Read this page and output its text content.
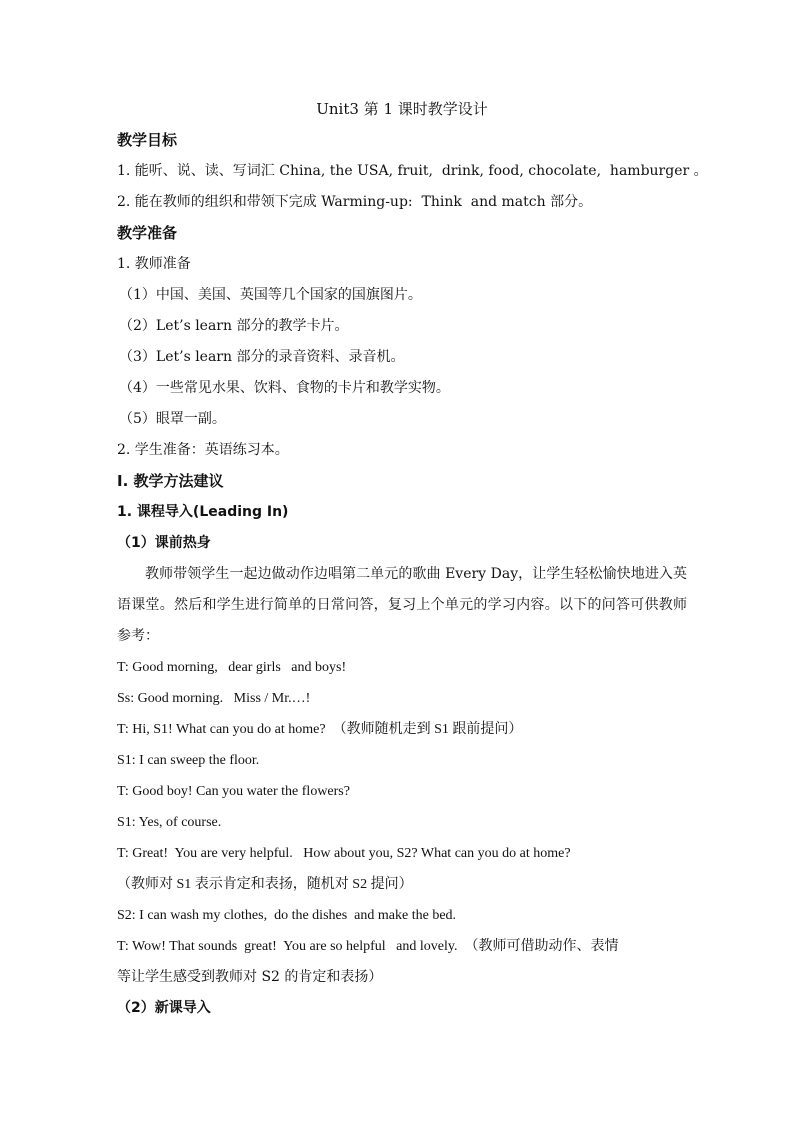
Unit3 第 1 课时教学设计
教学目标
1. 能听、说、读、写词汇 China, the USA, fruit,  drink, food, chocolate,  hamburger 。
2. 能在教师的组织和带领下完成 Warming-up:  Think  and match 部分。
教学准备
1. 教师准备
（1）中国、美国、英国等几个国家的国旗图片。
（2）Let’s learn 部分的教学卡片。
（3）Let’s learn 部分的录音资料、录音机。
（4）一些常见水果、饮料、食物的卡片和教学实物。
（5）眼罩一副。
2. 学生准备：英语练习本。
Ⅰ. 教学方法建议
1. 课程导入(Leading In)
（1）课前热身
教师带领学生一起边做动作边唱第二单元的歌曲 Every Day，让学生轻松愉快地进入英语课堂。然后和学生进行简单的日常问答，复习上个单元的学习内容。以下的问答可供教师参考：
T: Good morning,   dear girls   and boys!
Ss: Good morning.   Miss / Mr.…!
T: Hi, S1! What can you do at home?  （教师随机走到 S1 跟前提问）
S1: I can sweep the floor.
T: Good boy! Can you water the flowers?
S1: Yes, of course.
T: Great!  You are very helpful.   How about you, S2? What can you do at home?
（教师对 S1 表示肯定和表扬，随机对 S2 提问）
S2: I can wash my clothes,  do the dishes  and make the bed.
T: Wow! That sounds  great!  You are so helpful   and lovely.  （教师可借助动作、表情
等让学生感受到教师对 S2 的肯定和表扬）
（2）新课导入
